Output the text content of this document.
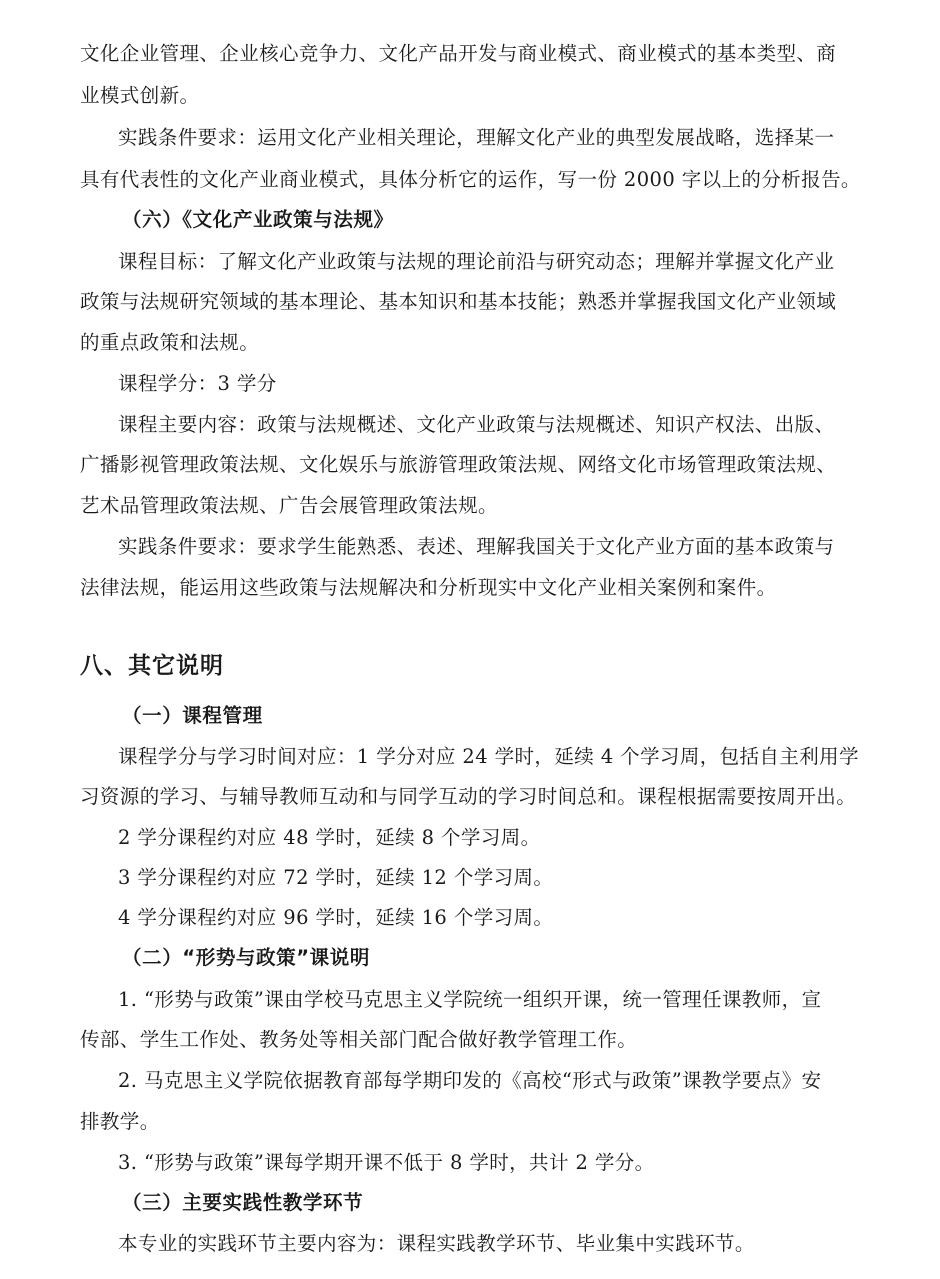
文化企业管理、企业核心竞争力、文化产品开发与商业模式、商业模式的基本类型、商
业模式创新。
实践条件要求：运用文化产业相关理论，理解文化产业的典型发展战略，选择某一
具有代表性的文化产业商业模式，具体分析它的运作，写一份 2000 字以上的分析报告。
（六）《文化产业政策与法规》
课程目标：了解文化产业政策与法规的理论前沿与研究动态；理解并掌握文化产业
政策与法规研究领域的基本理论、基本知识和基本技能；熟悉并掌握我国文化产业领域
的重点政策和法规。
课程学分：3 学分
课程主要内容：政策与法规概述、文化产业政策与法规概述、知识产权法、出版、
广播影视管理政策法规、文化娱乐与旅游管理政策法规、网络文化市场管理政策法规、
艺术品管理政策法规、广告会展管理政策法规。
实践条件要求：要求学生能熟悉、表述、理解我国关于文化产业方面的基本政策与
法律法规，能运用这些政策与法规解决和分析现实中文化产业相关案例和案件。
八、其它说明
（一）课程管理
课程学分与学习时间对应：1 学分对应 24 学时，延续 4 个学习周，包括自主利用学
习资源的学习、与辅导教师互动和与同学互动的学习时间总和。课程根据需要按周开出。
2 学分课程约对应 48 学时，延续 8 个学习周。
3 学分课程约对应 72 学时，延续 12 个学习周。
4 学分课程约对应 96 学时，延续 16 个学习周。
（二）“形势与政策”课说明
1. “形势与政策”课由学校马克思主义学院统一组织开课，统一管理任课教师，宣
传部、学生工作处、教务处等相关部门配合做好教学管理工作。
2. 马克思主义学院依据教育部每学期印发的《高校“形式与政策”课教学要点》安
排教学。
3. “形势与政策”课每学期开课不低于 8 学时，共计 2 学分。
（三）主要实践性教学环节
本专业的实践环节主要内容为：课程实践教学环节、毕业集中实践环节。
